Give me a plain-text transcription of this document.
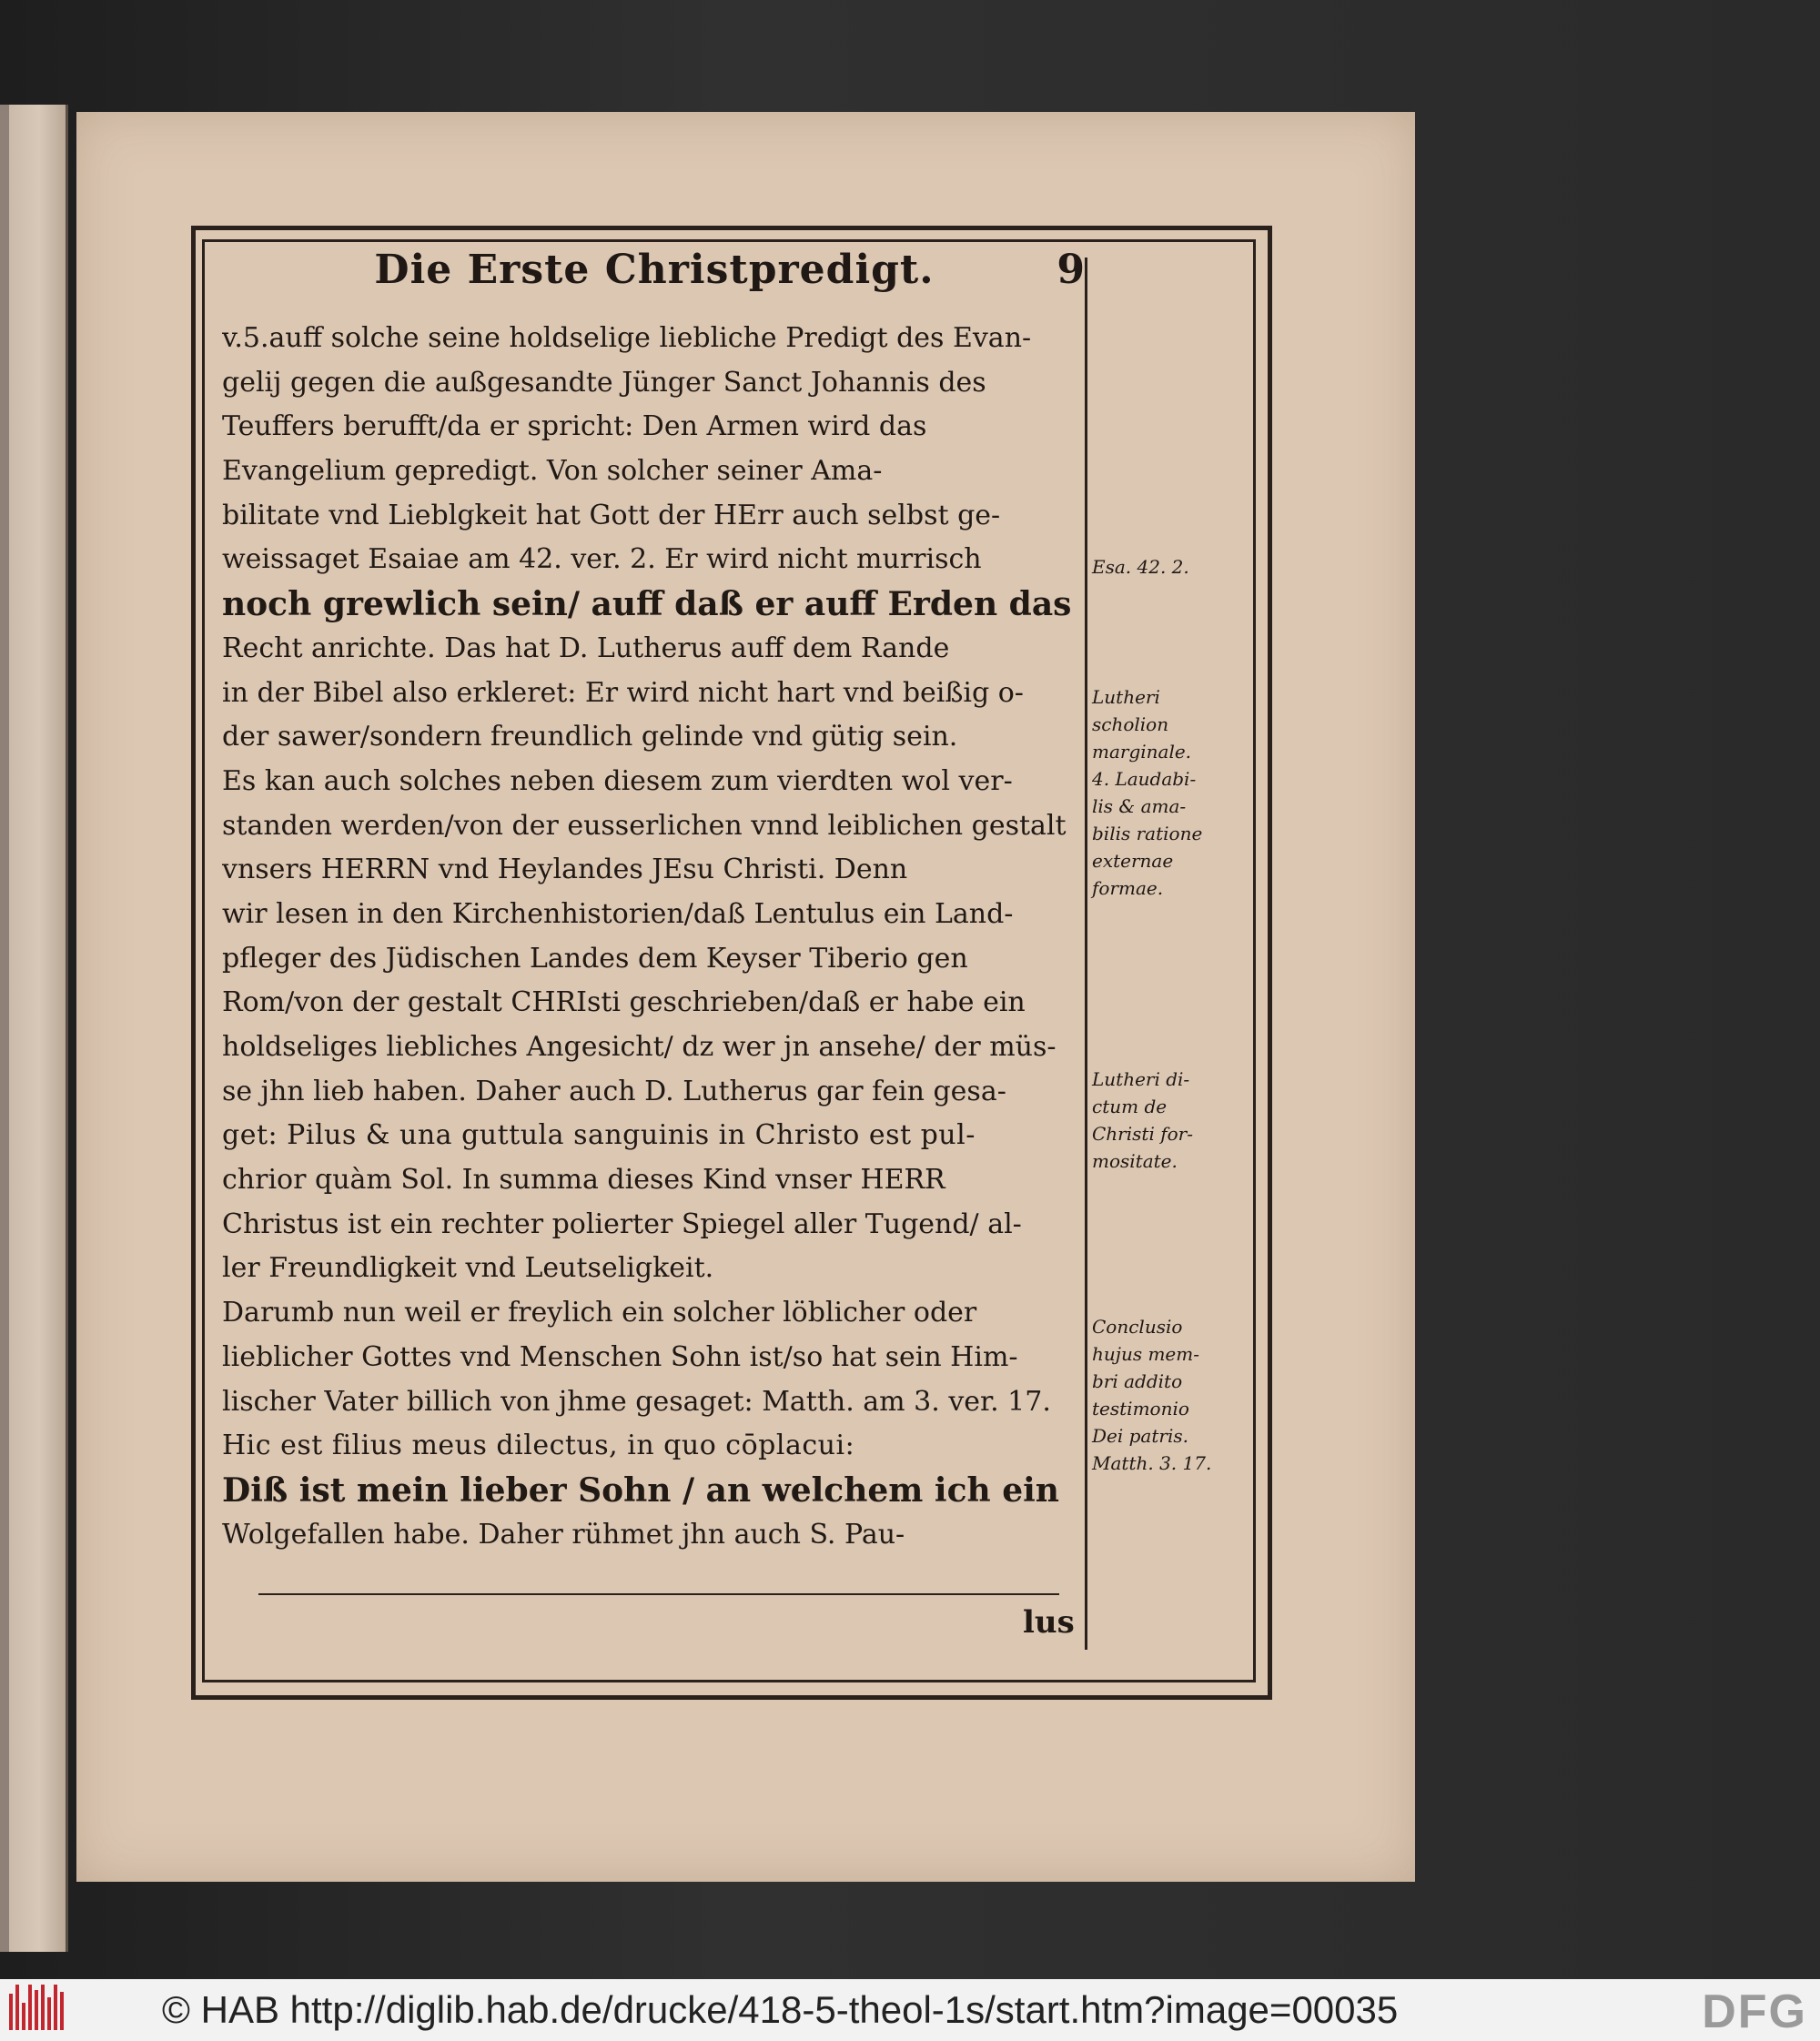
Die Erste Christpredigt.	9
v.5.auff solche seine holdselige liebliche Predigt des Evan-
gelij gegen die außgesandte Jünger Sanct Johannis des
Teuffers berufft/da er spricht: Den Armen wird das
Evangelium gepredigt. Von solcher seiner Ama-
bilitate vnd Lieblgkeit hat Gott der HErr auch selbst ge-
weissaget Esaiae am 42. ver. 2. Er wird nicht murrisch
noch grewlich sein/ auff daß er auff Erden das
Recht anrichte. Das hat D. Lutherus auff dem Rande
in der Bibel also erkleret: Er wird nicht hart vnd beißig o-
der sawer/sondern freundlich gelinde vnd gütig sein.
Es kan auch solches neben diesem zum vierdten wol ver-
standen werden/von der eusserlichen vnnd leiblichen gestalt
vnsers HERRN vnd Heylandes JEsu Christi. Denn
wir lesen in den Kirchenhistorien/daß Lentulus ein Land-
pfleger des Jüdischen Landes dem Keyser Tiberio gen
Rom/von der gestalt CHRIsti geschrieben/daß er habe ein
holdseliges liebliches Angesicht/ dz wer jn ansehe/ der müs-
se jhn lieb haben. Daher auch D. Lutherus gar fein gesa-
get: Pilus & una guttula sanguinis in Christo est pul-
chrior quàm Sol. In summa dieses Kind vnser HERR
Christus ist ein rechter polierter Spiegel aller Tugend/ al-
ler Freundligkeit vnd Leutseligkeit.
Darumb nun weil er freylich ein solcher löblicher oder
lieblicher Gottes vnd Menschen Sohn ist/so hat sein Him-
lischer Vater billich von jhme gesaget: Matth. am 3. ver. 17.
Hic est filius meus dilectus, in quo cōplacui:
Diß ist mein lieber Sohn / an welchem ich ein
Wolgefallen habe. Daher rühmet jhn auch S. Pau-
lus
Esa. 42. 2.
Lutheri
scholion
marginale.
4. Laudabi-
lis & ama-
bilis ratione
externae
formae.
Lutheri di-
ctum de
Christi for-
mositate.
Conclusio
hujus mem-
bri addito
testimonio
Dei patris.
Matth. 3. 17.
© HAB http://diglib.hab.de/drucke/418-5-theol-1s/start.htm?image=00035	DFG
